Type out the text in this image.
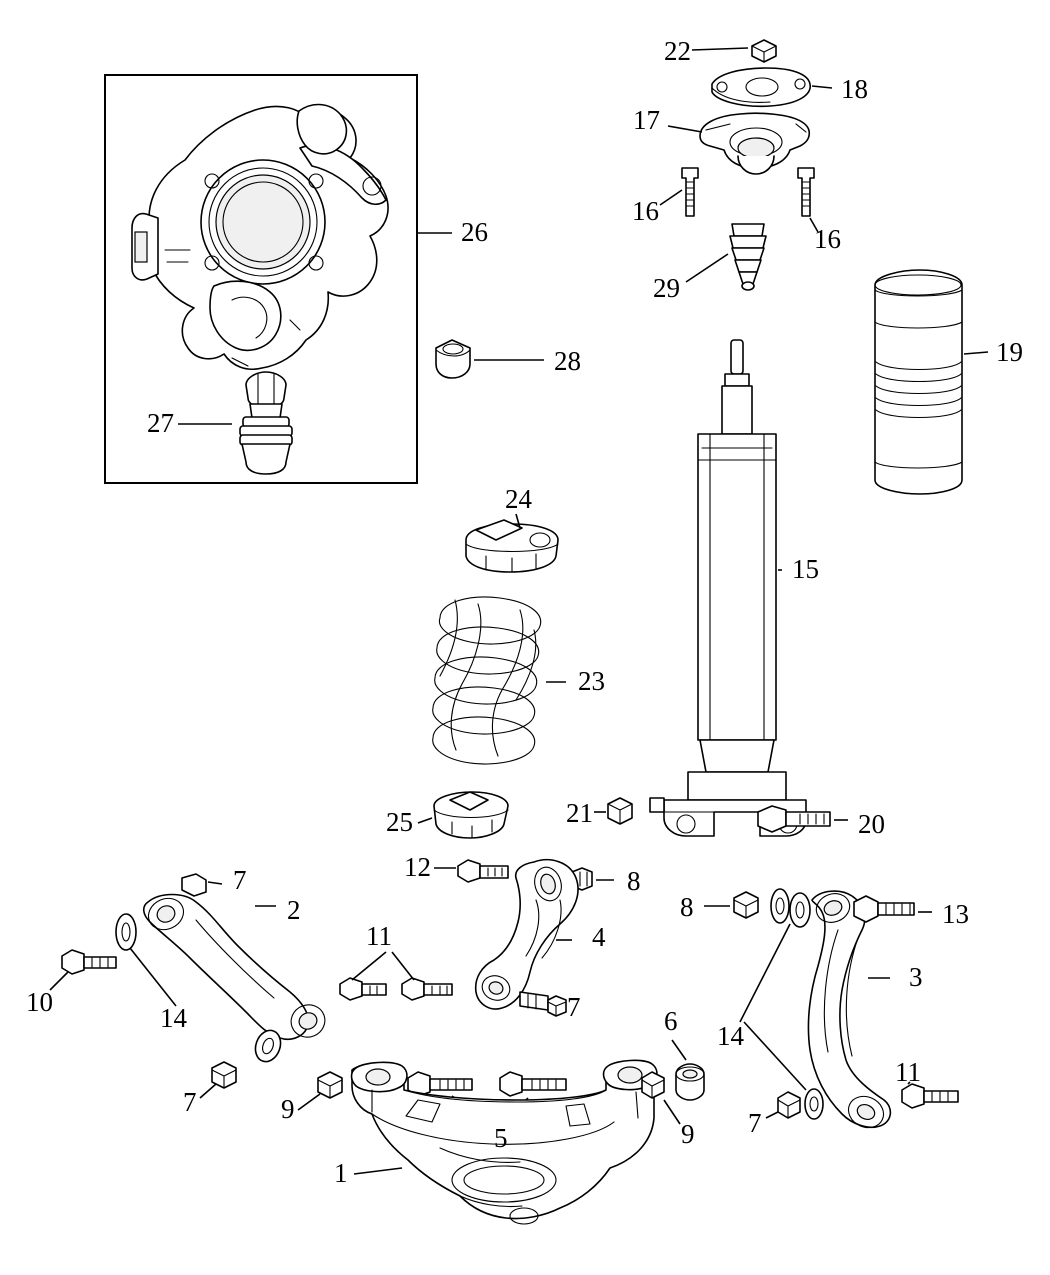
1
2
3
4
5
6
7
7
7
7
8
8
9
9
10
11
11
12
13
14
14
15
16
16
17
18
19
20
21
22
23
24
25
26
27
28
29
